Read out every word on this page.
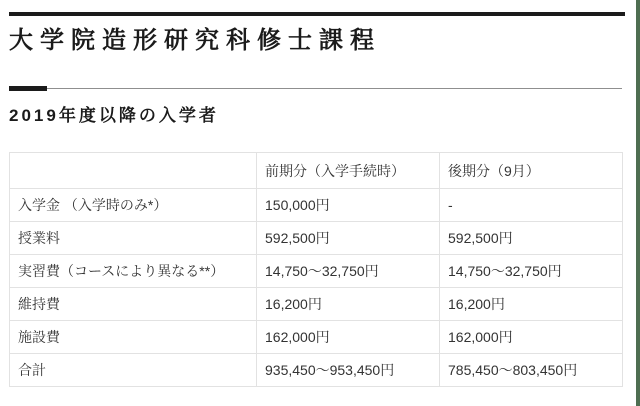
大学院造形研究科修士課程
2019年度以降の入学者
	前期分（入学手続時）	後期分（9月）
入学金 （入学時のみ*）	150,000円	-
授業料	592,500円	592,500円
実習費（コースにより異なる**）	14,750〜32,750円	14,750〜32,750円
維持費	16,200円	16,200円
施設費	162,000円	162,000円
合計	935,450〜953,450円	785,450〜803,450円
